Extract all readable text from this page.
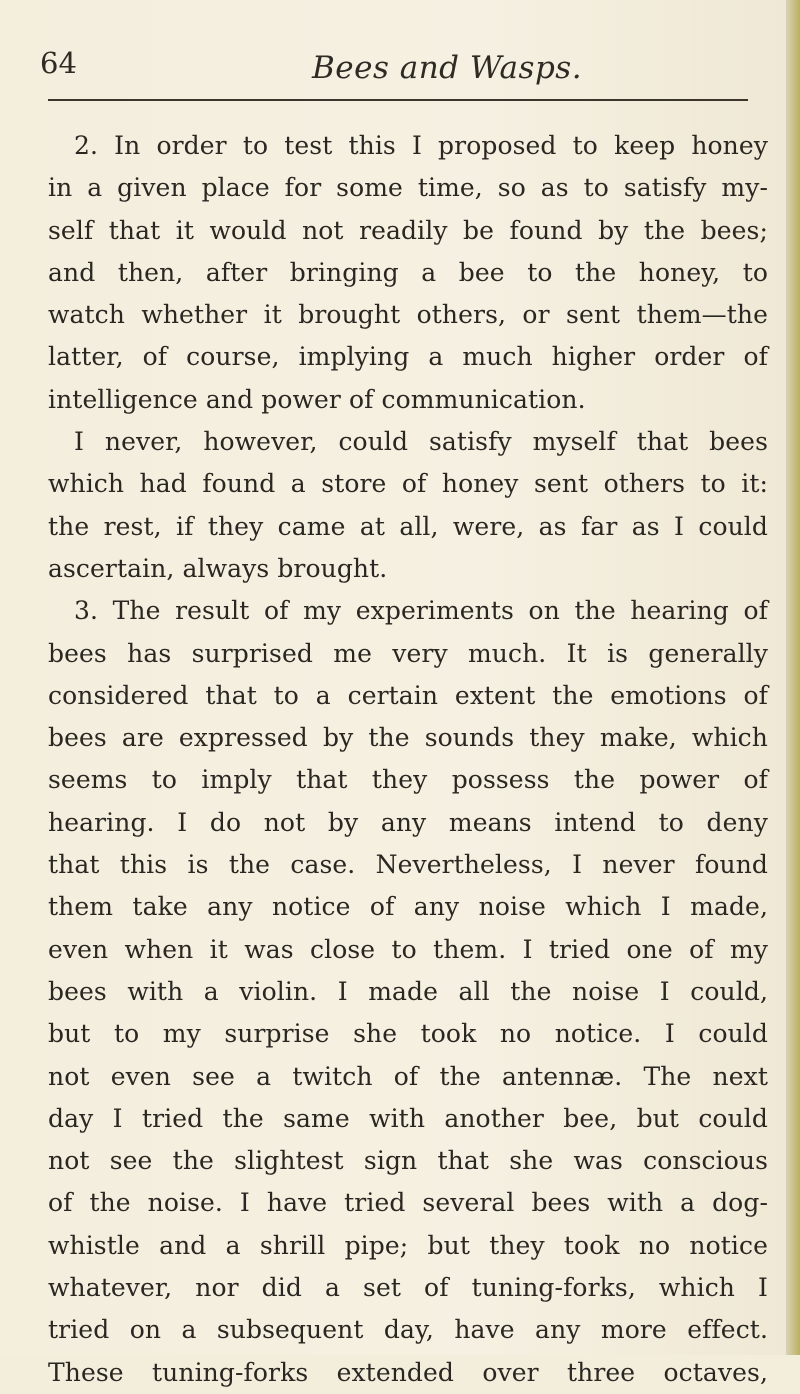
64	Bees and Wasps.
2. In order to test this I proposed to keep honey
in a given place for some time, so as to satisfy my-
self that it would not readily be found by the bees;
and then, after bringing a bee to the honey, to
watch whether it brought others, or sent them—the
latter, of course, implying a much higher order of
intelligence and power of communication.
I never, however, could satisfy myself that bees
which had found a store of honey sent others to it:
the rest, if they came at all, were, as far as I could
ascertain, always brought.
3. The result of my experiments on the hearing of
bees has surprised me very much. It is generally
considered that to a certain extent the emotions of
bees are expressed by the sounds they make, which
seems to imply that they possess the power of
hearing. I do not by any means intend to deny
that this is the case. Nevertheless, I never found
them take any notice of any noise which I made,
even when it was close to them. I tried one of my
bees with a violin. I made all the noise I could,
but to my surprise she took no notice. I could
not even see a twitch of the antennæ. The next
day I tried the same with another bee, but could
not see the slightest sign that she was conscious
of the noise. I have tried several bees with a dog-
whistle and a shrill pipe; but they took no notice
whatever, nor did a set of tuning-forks, which I
tried on a subsequent day, have any more effect.
These tuning-forks extended over three octaves,
